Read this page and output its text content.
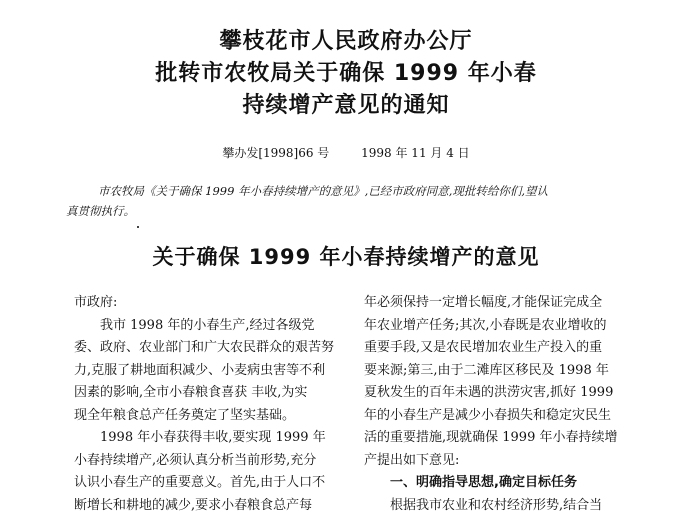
攀枝花市人民政府办公厅
批转市农牧局关于确保 1999 年小春
持续增产意见的通知
攀办发[1998]66 号	1998 年 11 月 4 日
市农牧局《关于确保 1999 年小春持续增产的意见》,已经市政府同意,现批转给你们,望认
真贯彻执行。
关于确保 1999 年小春持续增产的意见
市政府:
我市 1998 年的小春生产,经过各级党
委、政府、农业部门和广大农民群众的艰苦努
力,克服了耕地面积减少、小麦病虫害等不利
因素的影响,全市小春粮食喜获 丰收,为实
现全年粮食总产任务奠定了坚实基础。
1998 年小春获得丰收,要实现 1999 年
小春持续增产,必须认真分析当前形势,充分
认识小春生产的重要意义。首先,由于人口不
断增长和耕地的减少,要求小春粮食总产每
年必须保持一定增长幅度,才能保证完成全
年农业增产任务;其次,小春既是农业增收的
重要手段,又是农民增加农业生产投入的重
要来源;第三,由于二滩库区移民及 1998 年
夏秋发生的百年未遇的洪涝灾害,抓好 1999
年的小春生产是减少小春损失和稳定灾民生
活的重要措施,现就确保 1999 年小春持续增
产提出如下意见:
一、明确指导思想,确定目标任务
根据我市农业和农村经济形势,结合当
